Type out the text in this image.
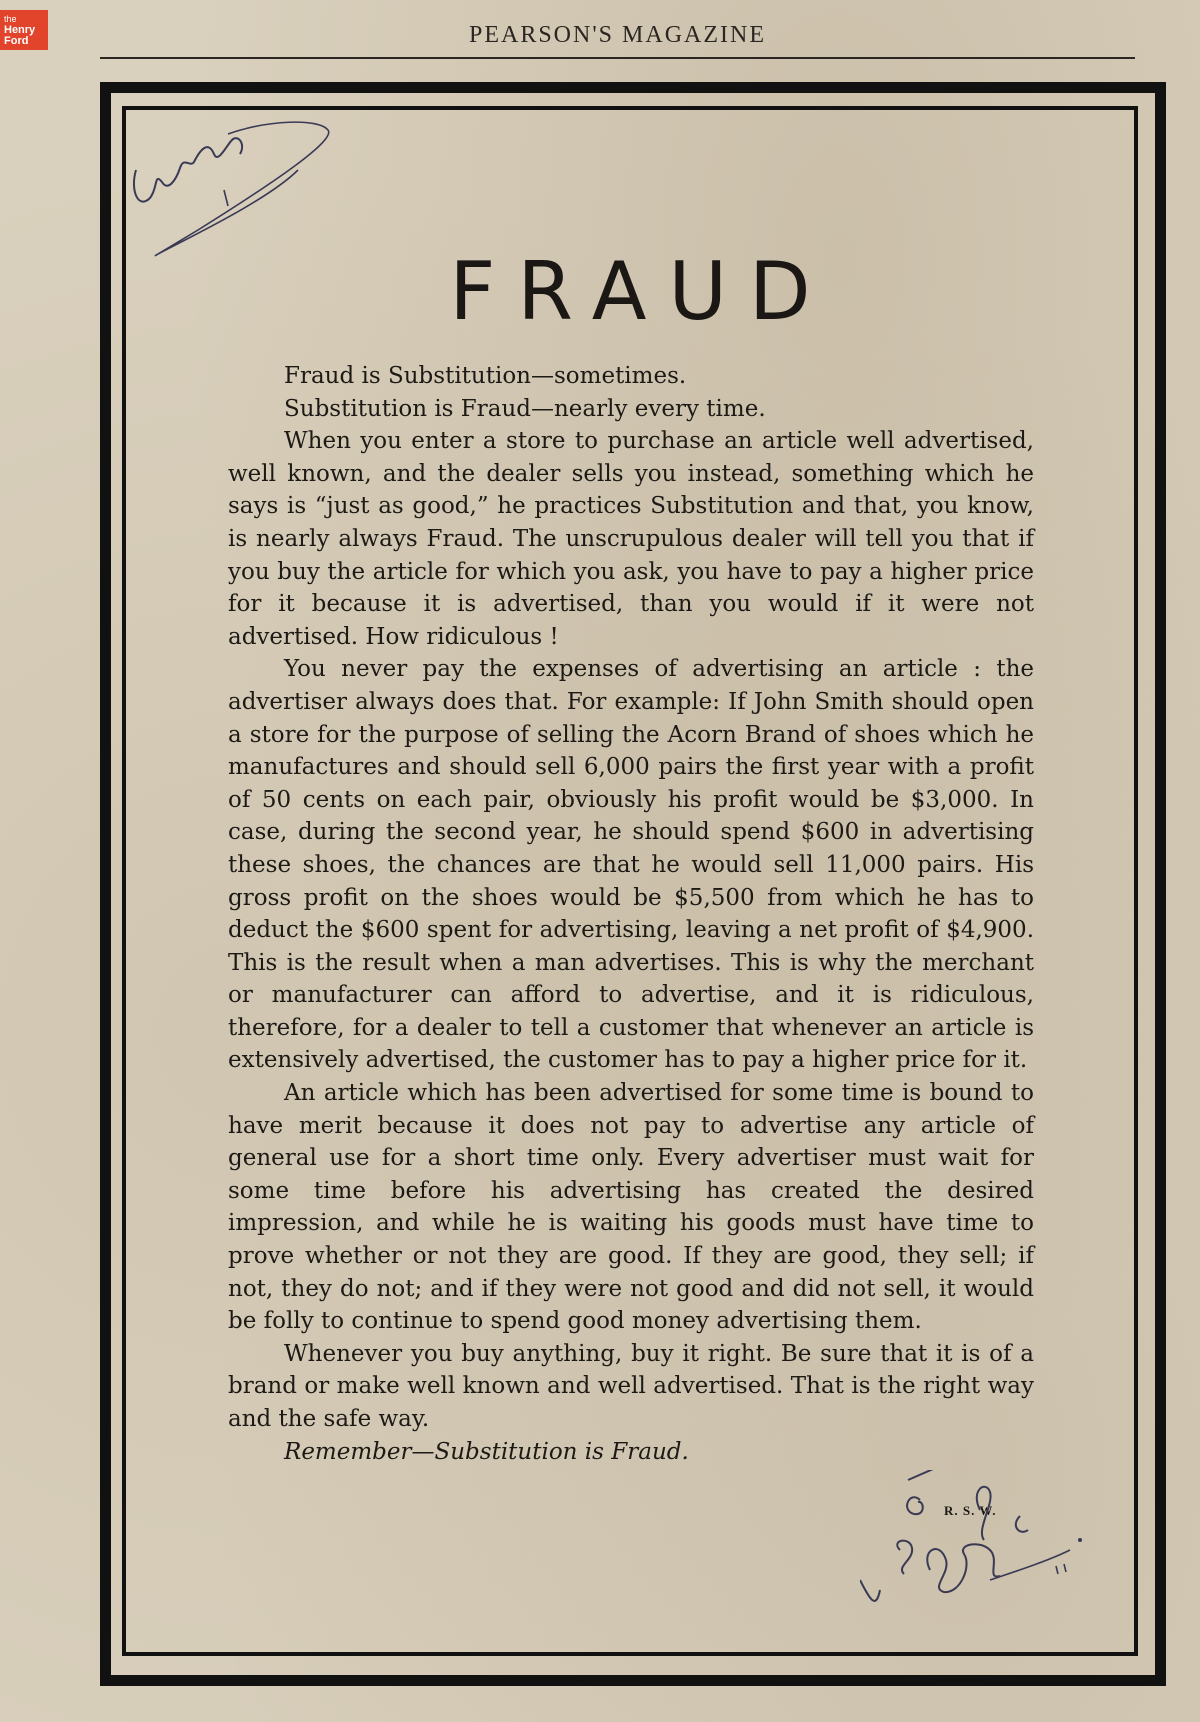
the
Henry Ford	PEARSON'S MAGAZINE
FRAUD

Fraud is Substitution—sometimes.

Substitution is Fraud—nearly every time.

When you enter a store to purchase an article well advertised, well known, and the dealer sells you instead, something which he says is “just as good,” he practices Substitution and that, you know, is nearly always Fraud. The unscrupulous dealer will tell you that if you buy the article for which you ask, you have to pay a higher price for it because it is advertised, than you would if it were not advertised. How ridiculous !

You never pay the expenses of advertising an article : the advertiser always does that. For example: If John Smith should open a store for the purpose of selling the Acorn Brand of shoes which he manufactures and should sell 6,000 pairs the first year with a profit of 50 cents on each pair, obviously his profit would be $3,000. In case, during the second year, he should spend $600 in advertising these shoes, the chances are that he would sell 11,000 pairs. His gross profit on the shoes would be $5,500 from which he has to deduct the $600 spent for advertising, leaving a net profit of $4,900. This is the result when a man advertises. This is why the merchant or manufacturer can afford to advertise, and it is ridiculous, therefore, for a dealer to tell a customer that whenever an article is extensively advertised, the customer has to pay a higher price for it.

An article which has been advertised for some time is bound to have merit because it does not pay to advertise any article of general use for a short time only. Every advertiser must wait for some time before his advertising has created the desired impression, and while he is waiting his goods must have time to prove whether or not they are good. If they are good, they sell; if not, they do not; and if they were not good and did not sell, it would be folly to continue to spend good money advertising them.

Whenever you buy anything, buy it right. Be sure that it is of a brand or make well known and well advertised. That is the right way and the safe way.

Remember—Substitution is Fraud.

R. S. W.
